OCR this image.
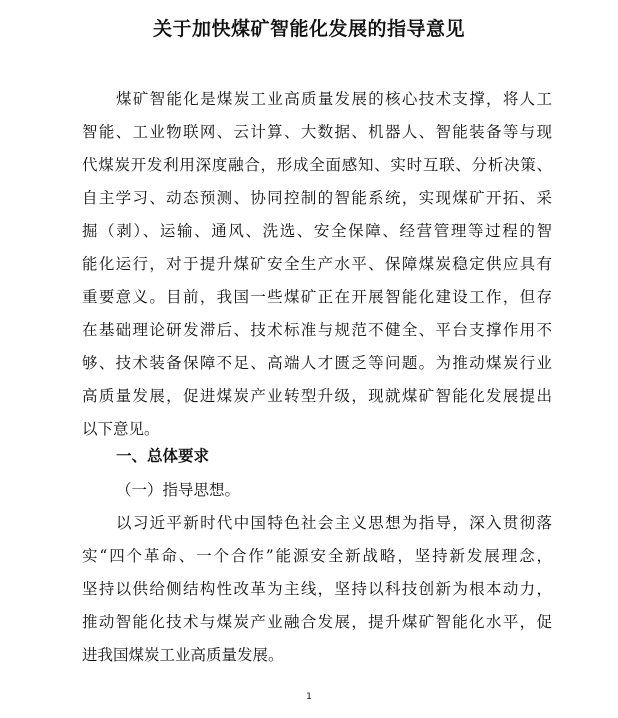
关于加快煤矿智能化发展的指导意见
煤矿智能化是煤炭工业高质量发展的核心技术支撑，将人工
智能、工业物联网、云计算、大数据、机器人、智能装备等与现
代煤炭开发利用深度融合，形成全面感知、实时互联、分析决策、
自主学习、动态预测、协同控制的智能系统，实现煤矿开拓、采
掘（剥）、运输、通风、洗选、安全保障、经营管理等过程的智
能化运行，对于提升煤矿安全生产水平、保障煤炭稳定供应具有
重要意义。目前，我国一些煤矿正在开展智能化建设工作，但存
在基础理论研发滞后、技术标准与规范不健全、平台支撑作用不
够、技术装备保障不足、高端人才匮乏等问题。为推动煤炭行业
高质量发展，促进煤炭产业转型升级，现就煤矿智能化发展提出
以下意见。
一、总体要求
（一）指导思想。
以习近平新时代中国特色社会主义思想为指导，深入贯彻落
实“四个革命、一个合作”能源安全新战略，坚持新发展理念，
坚持以供给侧结构性改革为主线，坚持以科技创新为根本动力，
推动智能化技术与煤炭产业融合发展，提升煤矿智能化水平，促
进我国煤炭工业高质量发展。
1
